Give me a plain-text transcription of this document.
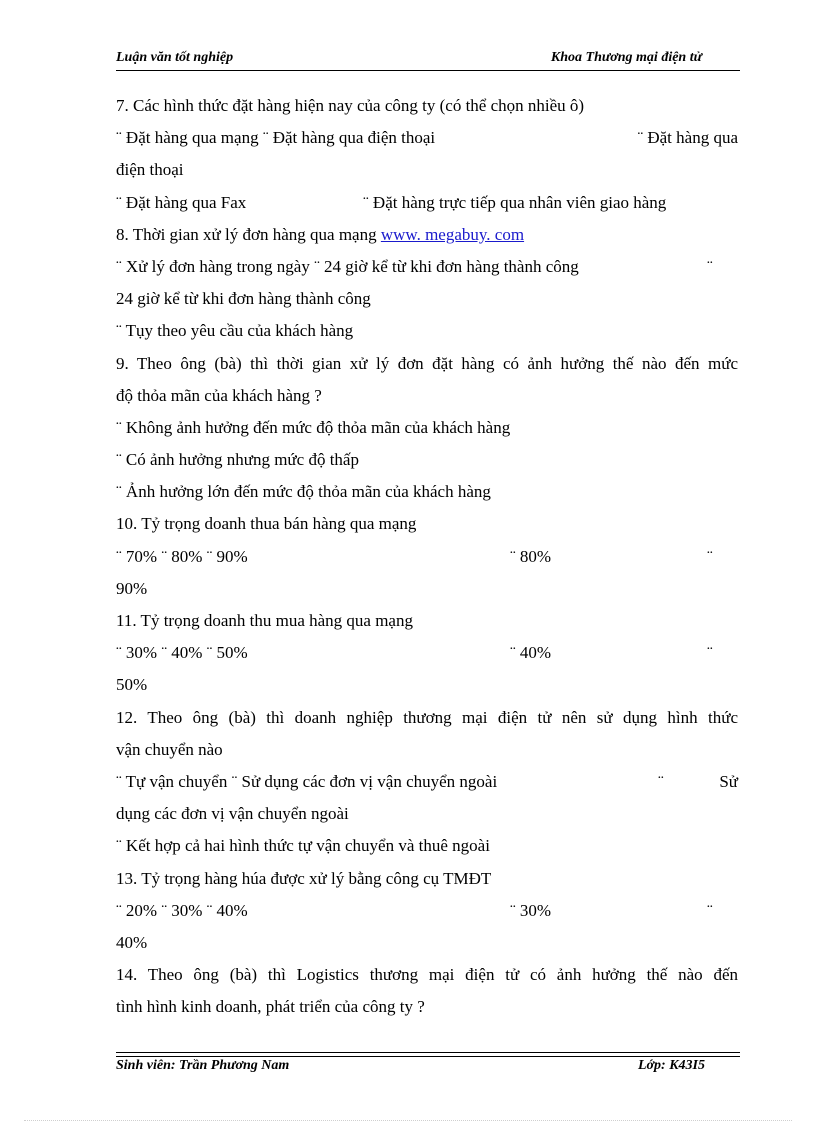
Luận văn tốt nghiệp	Khoa Thương mại điện tử
7. Các hình thức đặt hàng hiện nay của công ty (có thể chọn nhiều ô)
¨ Đặt hàng qua mạng ¨ Đặt hàng qua điện thoại	¨ Đặt hàng qua
điện thoại
¨ Đặt hàng qua Fax	¨ Đặt hàng trực tiếp qua nhân viên giao hàng
8. Thời gian xử lý đơn hàng qua mạng www. megabuy. com
¨ Xử lý đơn hàng trong ngày ¨ 24 giờ kể từ khi đơn hàng thành công	¨
24 giờ kể từ khi đơn hàng thành công
¨ Tụy theo yêu cầu của khách hàng
9. Theo ông (bà) thì thời gian xử lý đơn đặt hàng có ảnh hưởng thế nào đến mức
độ thỏa mãn của khách hàng ?
¨ Không ảnh hưởng đến mức độ thỏa mãn của khách hàng
¨ Có ảnh hưởng nhưng mức độ thấp
¨ Ảnh hưởng lớn đến mức độ thỏa mãn của khách hàng
10. Tỷ trọng doanh thua bán hàng qua mạng
¨ 70% ¨ 80% ¨ 90%	¨ 80%	¨
90%
11. Tỷ trọng doanh thu mua hàng qua mạng
¨ 30% ¨ 40% ¨ 50%	¨ 40%	¨
50%
12. Theo ông (bà) thì doanh nghiệp thương mại điện tử nên sử dụng hình thức
vận chuyển nào
¨ Tự vận chuyển ¨ Sử dụng các đơn vị vận chuyển ngoài	¨	Sử
dụng các đơn vị vận chuyển ngoài
¨ Kết hợp cả hai hình thức tự vận chuyển và thuê ngoài
13. Tỷ trọng hàng húa được xử lý bằng công cụ TMĐT
¨ 20% ¨ 30% ¨ 40%	¨ 30%	¨
40%
14. Theo ông (bà) thì Logistics thương mại điện tử có ảnh hưởng thế nào đến
tình hình kinh doanh, phát triển của công ty ?
Sinh viên: Trần Phương Nam	Lớp: K43I5
